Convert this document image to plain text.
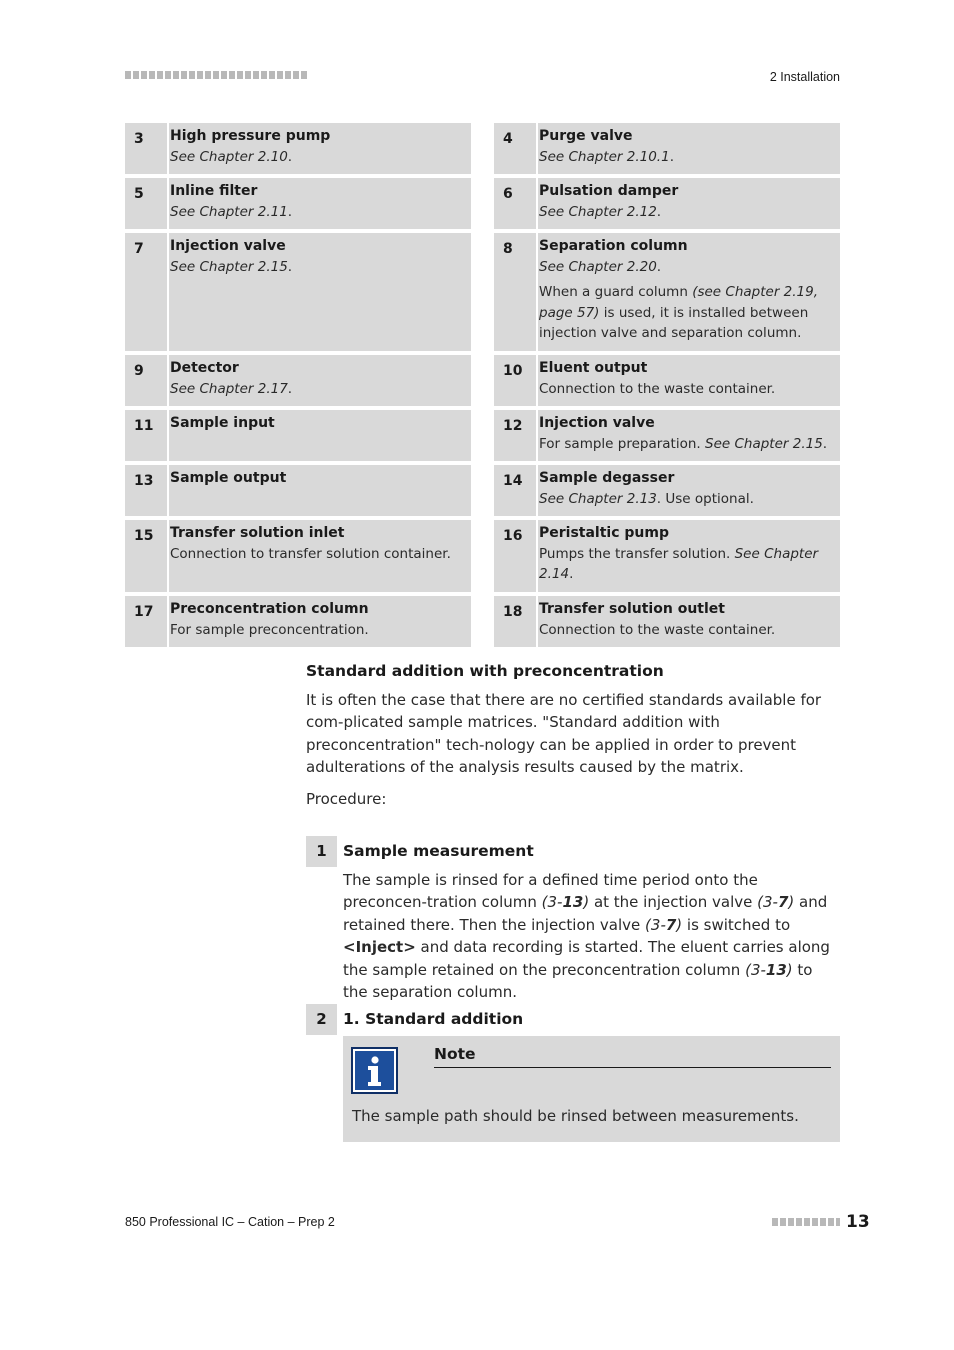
2 Installation
3	High pressure pump
See Chapter 2.10.
5	Inline filter
See Chapter 2.11.
7	Injection valve
See Chapter 2.15.
9	Detector
See Chapter 2.17.
11	Sample input
13	Sample output
15	Transfer solution inlet
Connection to transfer solution container.
17	Preconcentration column
For sample preconcentration.
4	Purge valve
See Chapter 2.10.1.
6	Pulsation damper
See Chapter 2.12.
8	Separation column
See Chapter 2.20.
When a guard column (see Chapter 2.19, page 57) is used, it is installed between injection valve and separation column.
10	Eluent output
Connection to the waste container.
12	Injection valve
For sample preparation. See Chapter 2.15.
14	Sample degasser
See Chapter 2.13. Use optional.
16	Peristaltic pump
Pumps the transfer solution. See Chapter 2.14.
18	Transfer solution outlet
Connection to the waste container.
Standard addition with preconcentration
It is often the case that there are no certified standards available for com-plicated sample matrices. "Standard addition with preconcentration" tech-nology can be applied in order to prevent adulterations of the analysis results caused by the matrix.
Procedure:
1	Sample measurement
The sample is rinsed for a defined time period onto the preconcen-tration column (3-13) at the injection valve (3-7) and retained there. Then the injection valve (3-7) is switched to <Inject> and data recording is started. The eluent carries along the sample retained on the preconcentration column (3-13) to the separation column.
2	1. Standard addition
Note
The sample path should be rinsed between measurements.
850 Professional IC – Cation – Prep 2	13
